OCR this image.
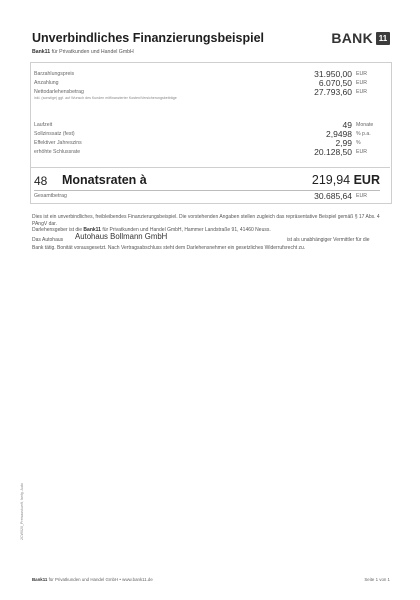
Unverbindliches Finanzierungsbeispiel
Bank11 für Privatkunden und Handel GmbH
BANK 11
Barzahlungspreis	31.950,00 EUR
Anzahlung	6.070,50 EUR
Nettodarlehensbetrag	27.793,60 EUR
inkl. (sonstige) ggf. auf Wunsch des Kunden mitfinanzierter Kosten/Versicherungsbeiträge
Laufzeit	49 Monate
Sollzinssatz (fest)	2,9498 % p.a.
Effektiver Jahreszins	2,99 %
erhöhte Schlussrate	20.128,50 EUR
48 Monatsraten à	219,94 EUR
Gesamtbetrag	30.685,64 EUR

Dies ist ein unverbindliches, freibleibendes Finanzierungsbeispiel. Die vorstehenden Angaben stellen zugleich das repräsentative Beispiel gemäß § 17 Abs. 4 PAngV dar.

Darlehensgeber ist die Bank11 für Privatkunden und Handel GmbH, Hammer Landstraße 91, 41460 Neuss.

Das Autohaus Autohaus Bollmann GmbH	ist als unabhängiger Vermittler für die

Bank tätig. Bonität vorausgesetzt. Nach Vertragsabschluss steht dem Darlehensnehmer ein gesetzliches Widerrufsrecht zu.

2CW020_Preisauskunft, fanfg. Auto
Bank11 für Privatkunden und Handel GmbH • www.bank11.de	Seite 1 von 1
